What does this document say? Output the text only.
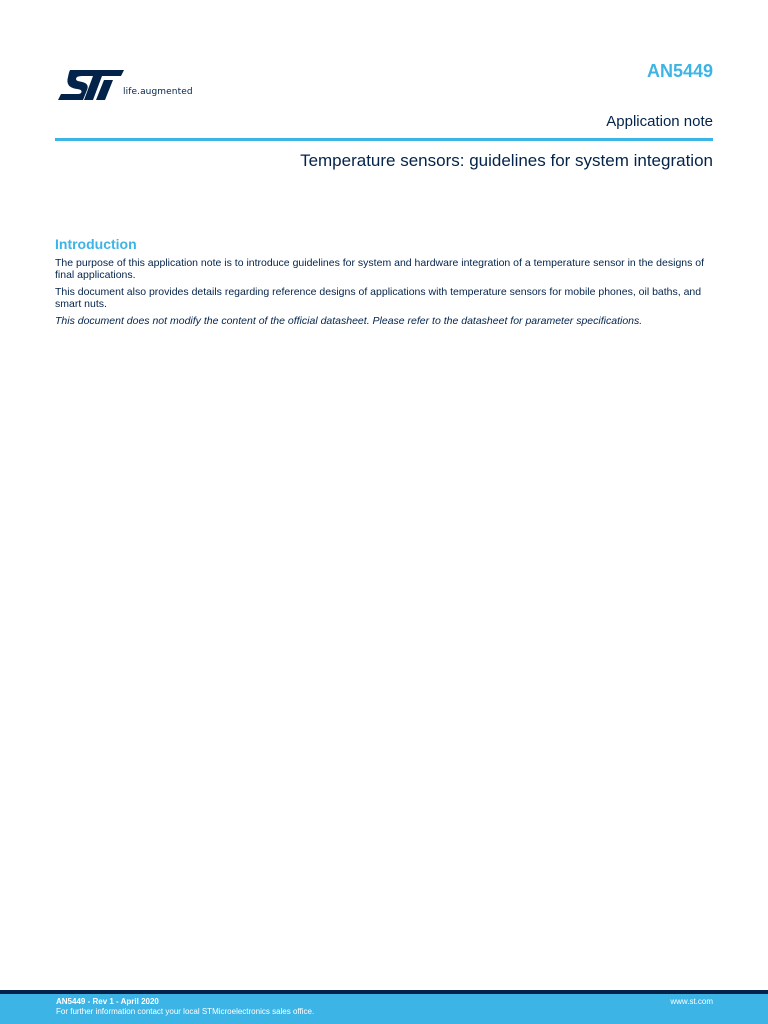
life.augmented
AN5449
Application note
Temperature sensors: guidelines for system integration
Introduction

The purpose of this application note is to introduce guidelines for system and hardware integration of a temperature sensor in the designs of final applications.

This document also provides details regarding reference designs of applications with temperature sensors for mobile phones, oil baths, and smart nuts.

This document does not modify the content of the official datasheet. Please refer to the datasheet for parameter specifications.

AN5449 - Rev 1 - April 2020
For further information contact your local STMicroelectronics sales office.
www.st.com
